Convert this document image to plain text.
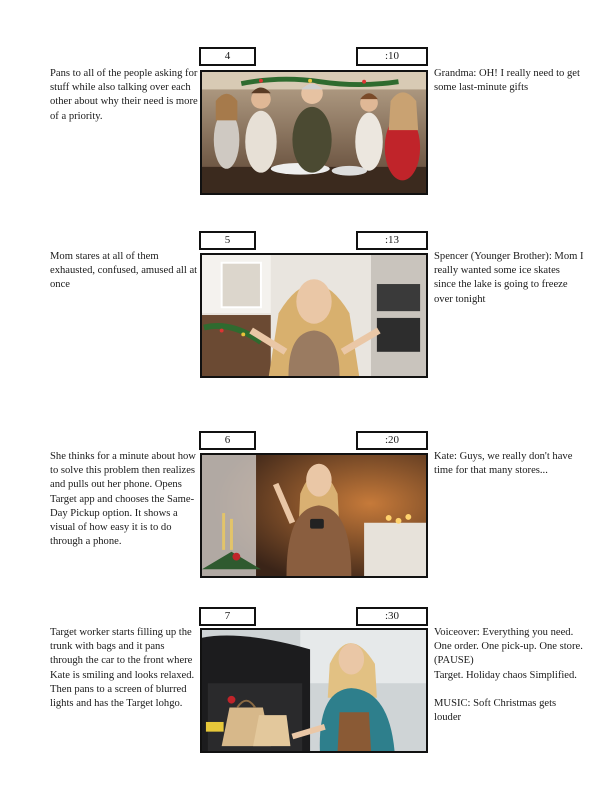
4	:10
Pans to all of the people asking for stuff while also talking over each other about why their need is more of a priority.
Grandma: OH! I really need to get some last-minute gifts
5	:13
Mom stares at all of them exhausted, confused, amused all at once
Spencer (Younger Brother): Mom I really wanted some ice skates since the lake is going to freeze over tonight
6	:20
She thinks for a minute about how to solve this problem then realizes and pulls out her phone. Opens Target app and chooses the Same-Day Pickup option. It shows a visual of how easy it is to do through a phone.
Kate: Guys, we really don't have time for that many stores...
7	:30
Target worker starts filling up the trunk with bags and it pans through the car to the front where Kate is smiling and looks relaxed. Then pans to a screen of blurred lights and has the Target lohgo.
Voiceover: Everything you need. One order. One pick-up. One store.
(PAUSE)
Target. Holiday chaos Simplified.

MUSIC: Soft Christmas gets louder
